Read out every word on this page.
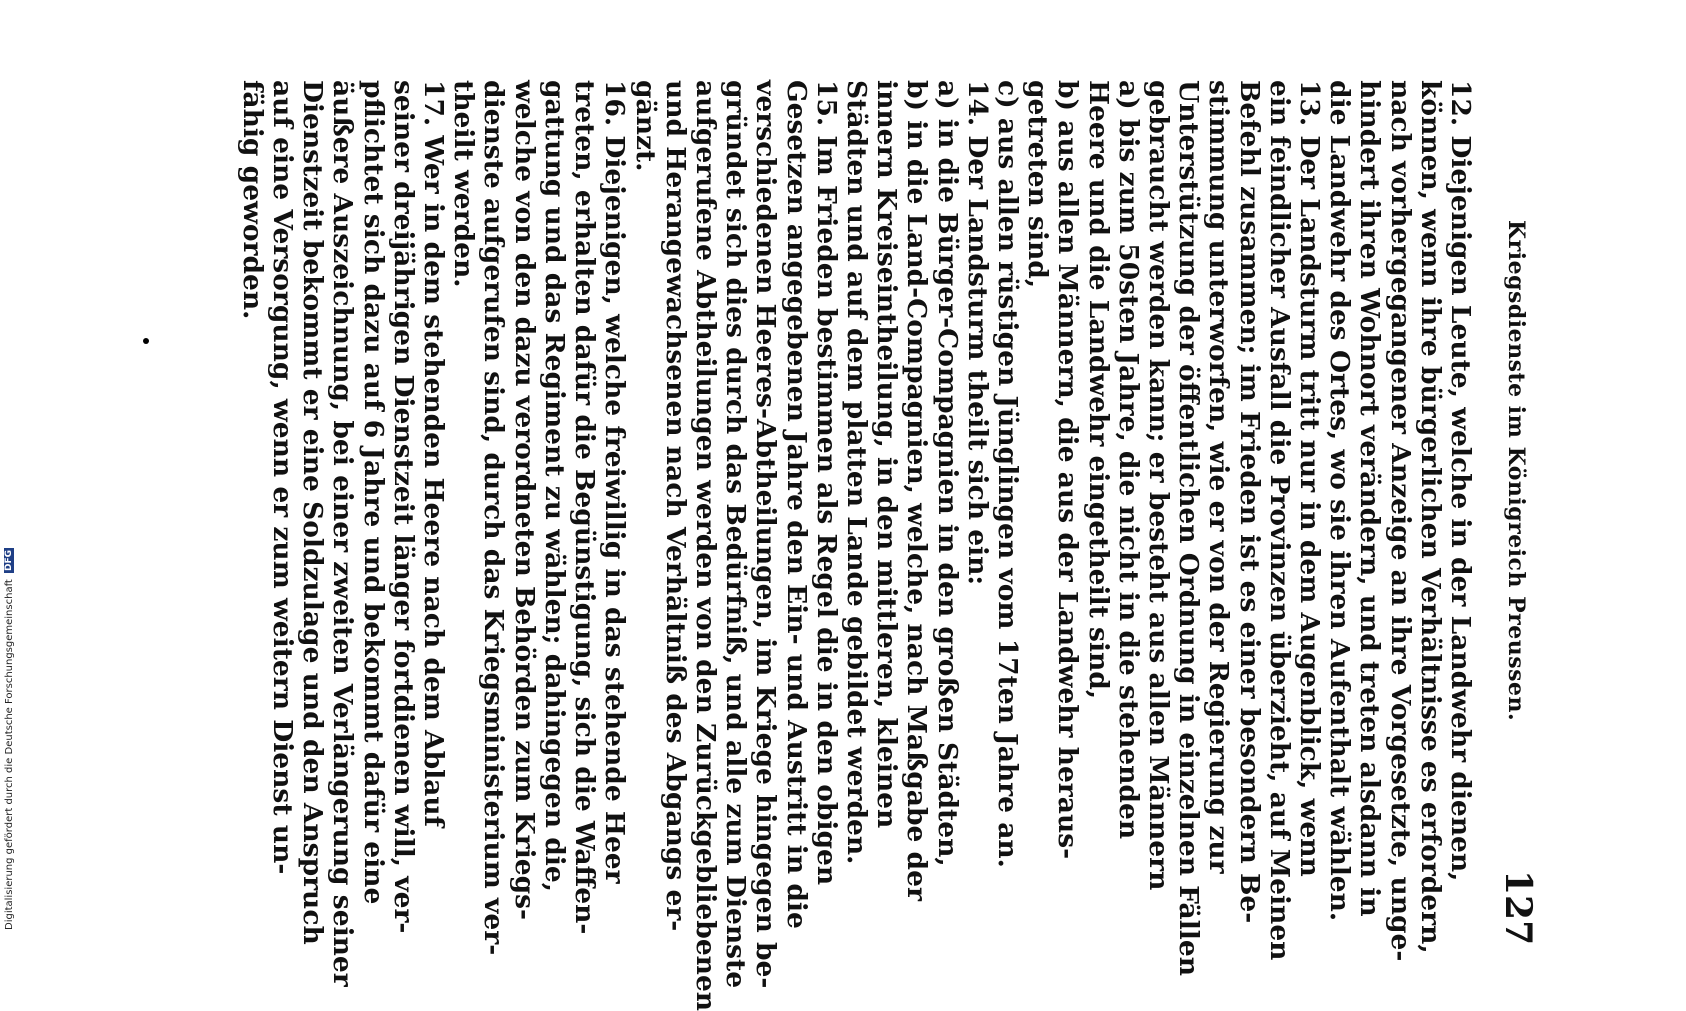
Kriegsdienste im Königreich Preussen.
127
12. Diejenigen Leute, welche in der Landwehr dienen,
können, wenn ihre bürgerlichen Verhältnisse es erfordern,
nach vorhergegangener Anzeige an ihre Vorgesetzte, unge-
hindert ihren Wohnort verändern, und treten alsdann in
die Landwehr des Ortes, wo sie ihren Aufenthalt wählen.
13. Der Landsturm tritt nur in dem Augenblick, wenn
ein feindlicher Ausfall die Provinzen überzieht, auf Meinen
Befehl zusammen; im Frieden ist es einer besondern Be-
stimmung unterworfen, wie er von der Regierung zur
Unterstützung der öffentlichen Ordnung in einzelnen Fällen
gebraucht werden kann; er besteht aus allen Männern
a) bis zum 50sten Jahre, die nicht in die stehenden
Heere und die Landwehr eingetheilt sind,
b) aus allen Männern, die aus der Landwehr heraus-
getreten sind,
c) aus allen rüstigen Jünglingen vom 17ten Jahre an.
14. Der Landsturm theilt sich ein:
a) in die Bürger-Compagnien in den großen Städten,
b) in die Land-Compagnien, welche, nach Maßgabe der
innern Kreiseintheilung, in den mittleren, kleinen
Städten und auf dem platten Lande gebildet werden.
15. Im Frieden bestimmen als Regel die in den obigen
Gesetzen angegebenen Jahre den Ein- und Austritt in die
verschiedenen Heeres-Abtheilungen, im Kriege hingegen be-
gründet sich dies durch das Bedürfniß, und alle zum Dienste
aufgerufene Abtheilungen werden von den Zurückgebliebenen
und Herangewachsenen nach Verhältniß des Abgangs er-
gänzt.
16. Diejenigen, welche freiwillig in das stehende Heer
treten, erhalten dafür die Begünstigung, sich die Waffen-
gattung und das Regiment zu wählen; dahingegen die,
welche von den dazu verordneten Behörden zum Kriegs-
dienste aufgerufen sind, durch das Kriegsministerium ver-
theilt werden.
17. Wer in dem stehenden Heere nach dem Ablauf
seiner dreijährigen Dienstzeit länger fortdienen will, ver-
pflichtet sich dazu auf 6 Jahre und bekommt dafür eine
äußere Auszeichnung, bei einer zweiten Verlängerung seiner
Dienstzeit bekommt er eine Soldzulage und den Anspruch
auf eine Versorgung, wenn er zum weitern Dienst un-
fähig geworden.
Digitalisierung gefördert durch die Deutsche Forschungsgemeinschaft DFG
